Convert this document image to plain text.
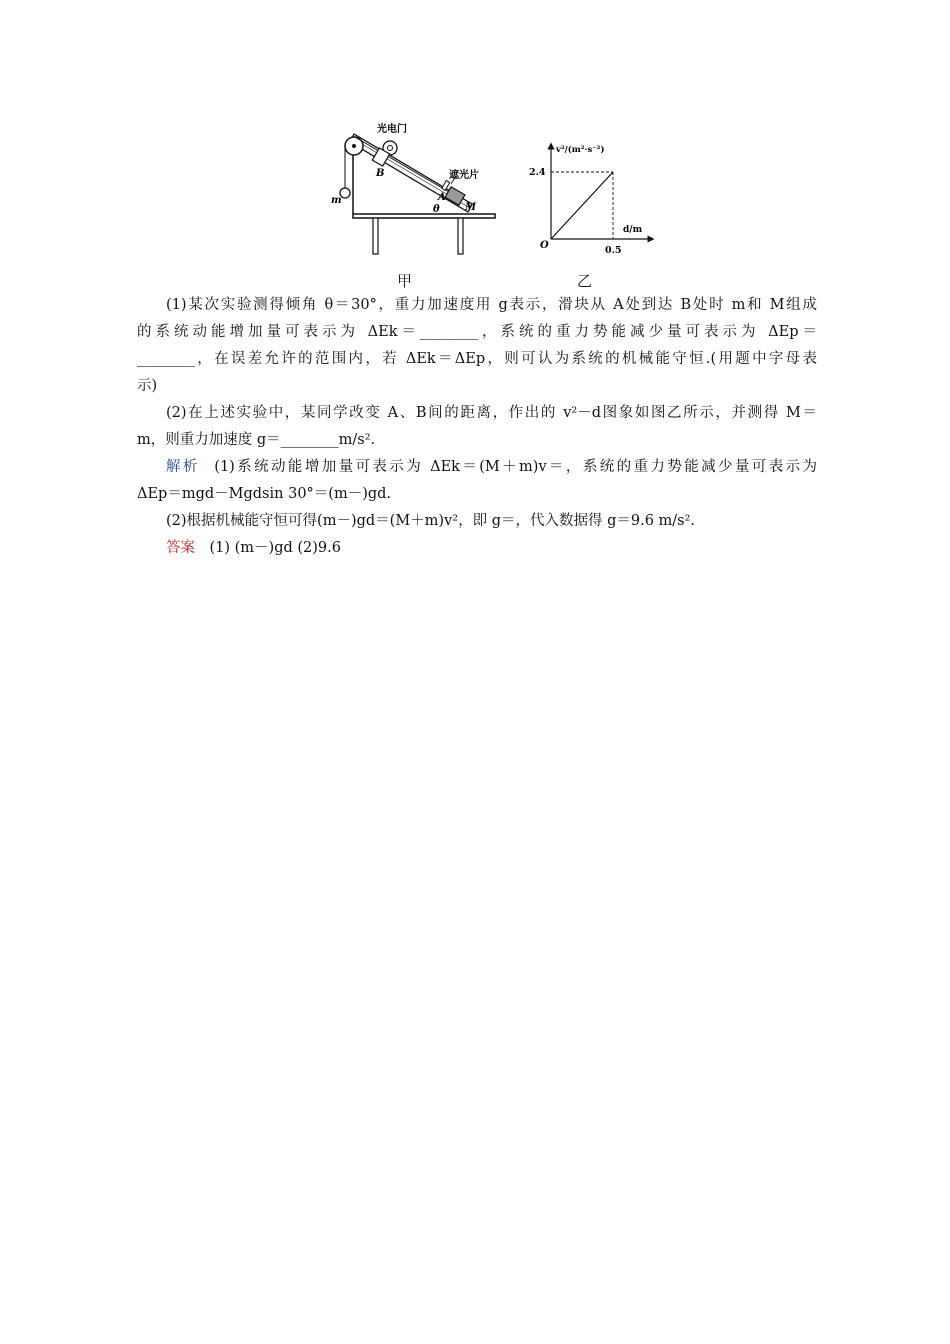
光电门
遮光片
m
B
A
θ	M
v²/(m²·s⁻²)
d/m
2.4
0.5
O
甲	乙

(1)某次实验测得倾角 θ＝30°，重力加速度用 g表示，滑块从 A处到达 B处时 m和 M组成

的系统动能增加量可表示为 ΔEk＝________，系统的重力势能减少量可表示为 ΔEp＝

________，在误差允许的范围内，若 ΔEk＝ΔEp，则可认为系统的机械能守恒.(用题中字母表

示)

(2)在上述实验中，某同学改变 A、B间的距离，作出的 v²－d图象如图乙所示，并测得 M＝

m，则重力加速度 g＝________m/s².

解析  (1)系统动能增加量可表示为 ΔEk＝(M＋m)v＝，系统的重力势能减少量可表示为

ΔEp＝mgd－Mgdsin 30°＝(m－)gd.

(2)根据机械能守恒可得(m－)gd＝(M＋m)v²，即 g＝，代入数据得 g＝9.6 m/s².

答案  (1) (m－)gd (2)9.6
